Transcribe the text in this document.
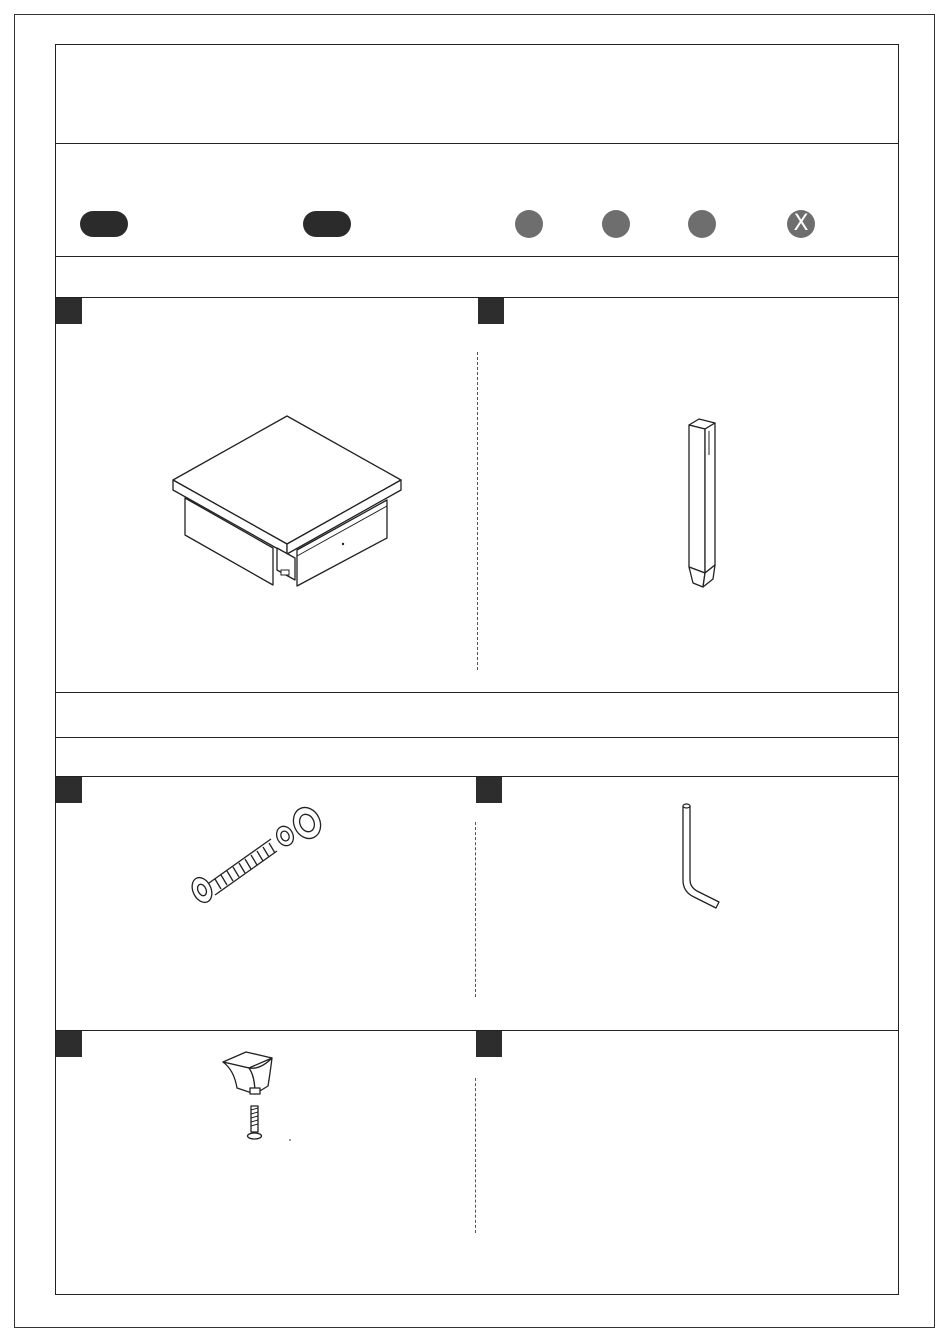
X
